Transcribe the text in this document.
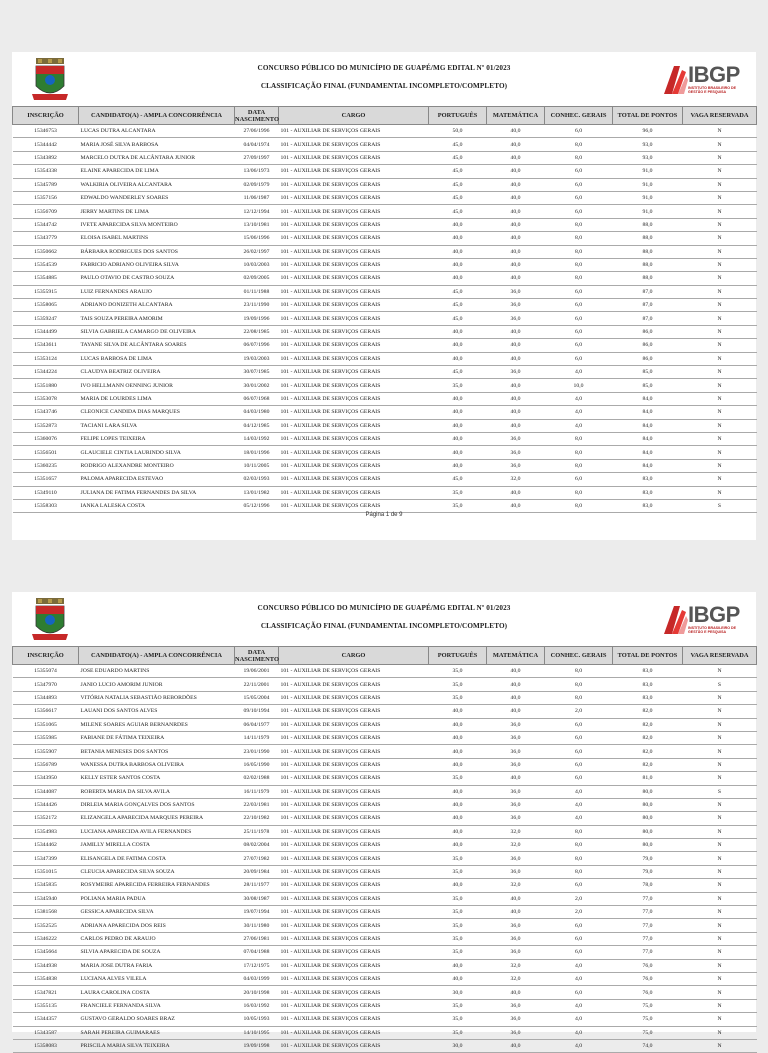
CONCURSO PÚBLICO DO MUNICÍPIO DE GUAPÉ/MG EDITAL Nº 01/2023
CLASSIFICAÇÃO FINAL (FUNDAMENTAL INCOMPLETO/COMPLETO)	IBGP
INSTITUTO BRASILEIRO DE GESTÃO E PESQUISA
INSCRIÇÃO	CANDIDATO(A) - AMPLA CONCORRÊNCIA	DATA NASCIMENTO	CARGO	PORTUGUÊS	MATEMÁTICA	CONHEC. GERAIS	TOTAL DE PONTOS	VAGA RESERVADA
15346753	LUCAS DUTRA ALCANTARA	27/06/1996	101 - AUXILIAR DE SERVIÇOS GERAIS	50,0	40,0	6,0	96,0	N
15344442	MARIA JOSÉ SILVA BARBOSA	04/04/1974	101 - AUXILIAR DE SERVIÇOS GERAIS	45,0	40,0	8,0	93,0	N
15343892	MARCELO DUTRA DE ALCÂNTARA JUNIOR	27/09/1997	101 - AUXILIAR DE SERVIÇOS GERAIS	45,0	40,0	8,0	93,0	N
15354338	ELAINE APARECIDA DE LIMA	13/06/1973	101 - AUXILIAR DE SERVIÇOS GERAIS	45,0	40,0	6,0	91,0	N
15345789	WALKIRIA OLIVEIRA ALCANTARA	02/09/1979	101 - AUXILIAR DE SERVIÇOS GERAIS	45,0	40,0	6,0	91,0	N
15357156	EDWALDO WANDERLEY SOARES	11/06/1987	101 - AUXILIAR DE SERVIÇOS GERAIS	45,0	40,0	6,0	91,0	N
15356709	JERRY MARTINS DE LIMA	12/12/1994	101 - AUXILIAR DE SERVIÇOS GERAIS	45,0	40,0	6,0	91,0	N
15344742	IVETE APARECIDA SILVA MONTEIRO	13/10/1981	101 - AUXILIAR DE SERVIÇOS GERAIS	40,0	40,0	8,0	88,0	N
15343779	ELOISA ISABEL MARTINS	15/06/1996	101 - AUXILIAR DE SERVIÇOS GERAIS	40,0	40,0	8,0	88,0	N
15350662	BÁRBARA RODRIGUES DOS SANTOS	26/02/1997	101 - AUXILIAR DE SERVIÇOS GERAIS	40,0	40,0	8,0	88,0	N
15354539	FABRICIO ADRIANO OLIVEIRA SILVA	10/03/2003	101 - AUXILIAR DE SERVIÇOS GERAIS	40,0	40,0	8,0	88,0	N
15354885	PAULO OTAVIO DE CASTRO SOUZA	02/09/2005	101 - AUXILIAR DE SERVIÇOS GERAIS	40,0	40,0	8,0	88,0	N
15355915	LUIZ FERNANDES ARAUJO	01/11/1988	101 - AUXILIAR DE SERVIÇOS GERAIS	45,0	36,0	6,0	87,0	N
15358065	ADRIANO DONIZETH ALCANTARA	23/11/1990	101 - AUXILIAR DE SERVIÇOS GERAIS	45,0	36,0	6,0	87,0	N
15359247	TAIS SOUZA PEREIRA AMORIM	19/09/1996	101 - AUXILIAR DE SERVIÇOS GERAIS	45,0	36,0	6,0	87,0	N
15344499	SILVIA GABRIELA CAMARGO DE OLIVEIRA	22/08/1985	101 - AUXILIAR DE SERVIÇOS GERAIS	40,0	40,0	6,0	86,0	N
15343611	TAYANE SILVA DE ALCÂNTARA SOARES	06/07/1996	101 - AUXILIAR DE SERVIÇOS GERAIS	40,0	40,0	6,0	86,0	N
15353124	LUCAS BARBOSA DE LIMA	19/03/2003	101 - AUXILIAR DE SERVIÇOS GERAIS	40,0	40,0	6,0	86,0	N
15344224	CLAUDYA BEATRIZ OLIVEIRA	30/07/1985	101 - AUXILIAR DE SERVIÇOS GERAIS	45,0	36,0	4,0	85,0	N
15351880	IVO HELLMANN OENNING JUNIOR	30/01/2002	101 - AUXILIAR DE SERVIÇOS GERAIS	35,0	40,0	10,0	85,0	N
15353078	MARIA DE LOURDES LIMA	06/07/1968	101 - AUXILIAR DE SERVIÇOS GERAIS	40,0	40,0	4,0	84,0	N
15343746	CLEONICE CANDIDA DIAS MARQUES	04/03/1980	101 - AUXILIAR DE SERVIÇOS GERAIS	40,0	40,0	4,0	84,0	N
15352873	TACIANI LARA SILVA	04/12/1985	101 - AUXILIAR DE SERVIÇOS GERAIS	40,0	40,0	4,0	84,0	N
15360076	FELIPE LOPES TEIXEIRA	14/03/1992	101 - AUXILIAR DE SERVIÇOS GERAIS	40,0	36,0	8,0	84,0	N
15356501	GLAUCIELE CINTIA LAURINDO SILVA	18/01/1996	101 - AUXILIAR DE SERVIÇOS GERAIS	40,0	36,0	8,0	84,0	N
15360235	RODRIGO ALEXANDRE MONTEIRO	10/11/2005	101 - AUXILIAR DE SERVIÇOS GERAIS	40,0	36,0	8,0	84,0	N
15351657	PALOMA APARECIDA ESTEVAO	02/03/1993	101 - AUXILIAR DE SERVIÇOS GERAIS	45,0	32,0	6,0	83,0	N
15349110	JULIANA DE FATIMA FERNANDES DA SILVA	13/01/1982	101 - AUXILIAR DE SERVIÇOS GERAIS	35,0	40,0	8,0	83,0	N
15358303	IANKA LALESKA COSTA	05/12/1996	101 - AUXILIAR DE SERVIÇOS GERAIS	35,0	40,0	8,0	83,0	S
Página 1 de 9
CONCURSO PÚBLICO DO MUNICÍPIO DE GUAPÉ/MG EDITAL Nº 01/2023
CLASSIFICAÇÃO FINAL (FUNDAMENTAL INCOMPLETO/COMPLETO)	IBGP
INSTITUTO BRASILEIRO DE GESTÃO E PESQUISA
INSCRIÇÃO	CANDIDATO(A) - AMPLA CONCORRÊNCIA	DATA NASCIMENTO	CARGO	PORTUGUÊS	MATEMÁTICA	CONHEC. GERAIS	TOTAL DE PONTOS	VAGA RESERVADA
15355074	JOSE EDUARDO MARTINS	19/06/2001	101 - AUXILIAR DE SERVIÇOS GERAIS	35,0	40,0	8,0	83,0	N
15347970	JANIO LUCIO AMORIM JUNIOR	22/11/2001	101 - AUXILIAR DE SERVIÇOS GERAIS	35,0	40,0	8,0	83,0	S
15344893	VITÓRIA NATALIA SEBASTIÃO REBORDÕES	15/05/2004	101 - AUXILIAR DE SERVIÇOS GERAIS	35,0	40,0	8,0	83,0	N
15356617	LAUANI DOS SANTOS ALVES	09/10/1994	101 - AUXILIAR DE SERVIÇOS GERAIS	40,0	40,0	2,0	82,0	N
15351065	MILENE SOARES AGUIAR BERNANRDES	06/04/1977	101 - AUXILIAR DE SERVIÇOS GERAIS	40,0	36,0	6,0	82,0	N
15355985	FABIANE DE FÁTIMA TEIXEIRA	14/11/1979	101 - AUXILIAR DE SERVIÇOS GERAIS	40,0	36,0	6,0	82,0	N
15355907	BETANIA MENESES DOS SANTOS	23/01/1990	101 - AUXILIAR DE SERVIÇOS GERAIS	40,0	36,0	6,0	82,0	N
15356789	WANESSA DUTRA BARBOSA OLIVEIRA	16/05/1990	101 - AUXILIAR DE SERVIÇOS GERAIS	40,0	36,0	6,0	82,0	N
15343950	KELLY ESTER SANTOS COSTA	02/02/1988	101 - AUXILIAR DE SERVIÇOS GERAIS	35,0	40,0	6,0	81,0	N
15344087	ROBERTA MARIA DA SILVA AVILA	16/11/1979	101 - AUXILIAR DE SERVIÇOS GERAIS	40,0	36,0	4,0	80,0	S
15344426	DIRLEIA MARIA GONÇALVES DOS SANTOS	22/03/1981	101 - AUXILIAR DE SERVIÇOS GERAIS	40,0	36,0	4,0	80,0	N
15352172	ELIZANGELA APARECIDA MARQUES PEREIRA	22/10/1982	101 - AUXILIAR DE SERVIÇOS GERAIS	40,0	36,0	4,0	80,0	N
15354983	LUCIANA APARECIDA AVILA FERNANDES	25/11/1978	101 - AUXILIAR DE SERVIÇOS GERAIS	40,0	32,0	8,0	80,0	N
15344462	JAMILLY MIRELLA COSTA	08/02/2004	101 - AUXILIAR DE SERVIÇOS GERAIS	40,0	32,0	8,0	80,0	N
15347399	ELISANGELA DE FATIMA COSTA	27/07/1982	101 - AUXILIAR DE SERVIÇOS GERAIS	35,0	36,0	8,0	79,0	N
15351015	CLEUCIA APARECIDA SILVA SOUZA	20/09/1984	101 - AUXILIAR DE SERVIÇOS GERAIS	35,0	36,0	8,0	79,0	N
15345835	ROSYMEIRE APARECIDA FERREIRA FERNANDES	28/11/1977	101 - AUXILIAR DE SERVIÇOS GERAIS	40,0	32,0	6,0	78,0	N
15345940	POLIANA MARIA PADUA	30/08/1987	101 - AUXILIAR DE SERVIÇOS GERAIS	35,0	40,0	2,0	77,0	N
15381568	GESSICA APARECIDA SILVA	19/07/1994	101 - AUXILIAR DE SERVIÇOS GERAIS	35,0	40,0	2,0	77,0	N
15352525	ADRIANA APARECIDA DOS REIS	30/11/1980	101 - AUXILIAR DE SERVIÇOS GERAIS	35,0	36,0	6,0	77,0	N
15346222	CARLOS PEDRO DE ARAUJO	27/06/1981	101 - AUXILIAR DE SERVIÇOS GERAIS	35,0	36,0	6,0	77,0	N
15345664	SILVIA APARECIDA DE SOUZA	07/04/1988	101 - AUXILIAR DE SERVIÇOS GERAIS	35,0	36,0	6,0	77,0	N
15344938	MARIA JOSE DUTRA FARIA	17/12/1975	101 - AUXILIAR DE SERVIÇOS GERAIS	40,0	32,0	4,0	76,0	N
15354838	LUCIANA ALVES VILELA	04/03/1999	101 - AUXILIAR DE SERVIÇOS GERAIS	40,0	32,0	4,0	76,0	N
15347821	LAURA CAROLINA COSTA	20/10/1998	101 - AUXILIAR DE SERVIÇOS GERAIS	30,0	40,0	6,0	76,0	N
15355135	FRANCIELE FERNANDA SILVA	16/03/1992	101 - AUXILIAR DE SERVIÇOS GERAIS	35,0	36,0	4,0	75,0	N
15344357	GUSTAVO GERALDO SOARES BRAZ	10/05/1993	101 - AUXILIAR DE SERVIÇOS GERAIS	35,0	36,0	4,0	75,0	N
15343587	SARAH PEREIRA GUIMARAES	14/10/1995	101 - AUXILIAR DE SERVIÇOS GERAIS	35,0	36,0	4,0	75,0	N
15358083	PRISCILA MARIA SILVA TEIXEIRA	19/09/1998	101 - AUXILIAR DE SERVIÇOS GERAIS	30,0	40,0	4,0	74,0	N
